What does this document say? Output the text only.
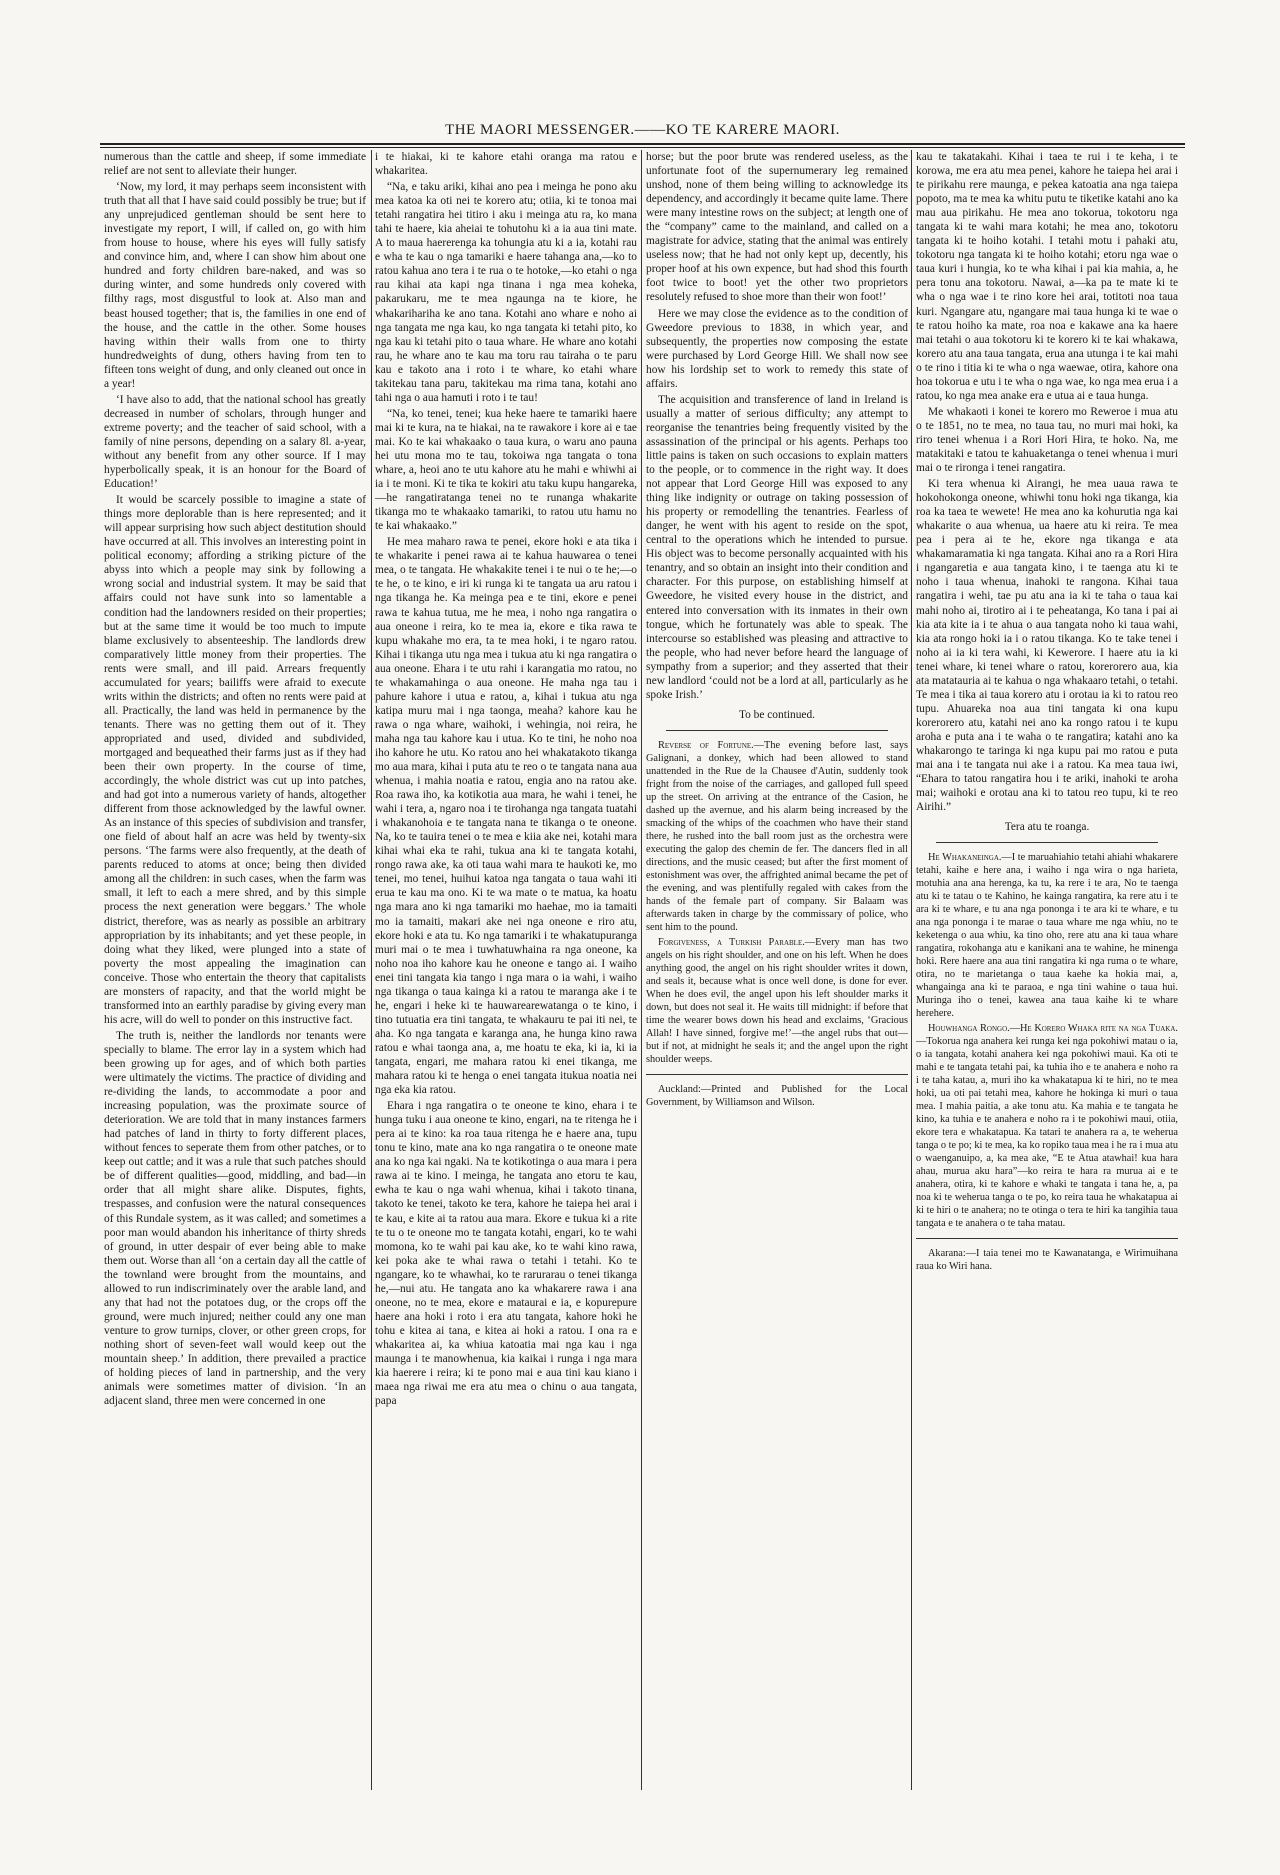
THE MAORI MESSENGER.——KO TE KARERE MAORI.

numerous than the cattle and sheep, if some immediate relief are not sent to alleviate their hunger.

‘Now, my lord, it may perhaps seem inconsistent with truth that all that I have said could possibly be true; but if any unprejudiced gentleman should be sent here to investigate my report, I will, if called on, go with him from house to house, where his eyes will fully satisfy and convince him, and, where I can show him about one hundred and forty children bare-naked, and was so during winter, and some hundreds only covered with filthy rags, most disgustful to look at. Also man and beast housed together; that is, the families in one end of the house, and the cattle in the other. Some houses having within their walls from one to thirty hundredweights of dung, others having from ten to fifteen tons weight of dung, and only cleaned out once in a year!

‘I have also to add, that the national school has greatly decreased in number of scholars, through hunger and extreme poverty; and the teacher of said school, with a family of nine persons, depending on a salary 8l. a-year, without any benefit from any other source. If I may hyperbolically speak, it is an honour for the Board of Education!’

It would be scarcely possible to imagine a state of things more deplorable than is here represented; and it will appear surprising how such abject destitution should have occurred at all. This involves an interesting point in political economy; affording a striking picture of the abyss into which a people may sink by following a wrong social and industrial system. It may be said that affairs could not have sunk into so lamentable a condition had the landowners resided on their properties; but at the same time it would be too much to impute blame exclusively to absenteeship. The landlords drew comparatively little money from their properties. The rents were small, and ill paid. Arrears frequently accumulated for years; bailiffs were afraid to execute writs within the districts; and often no rents were paid at all. Practically, the land was held in permanence by the tenants. There was no getting them out of it. They appropriated and used, divided and subdivided, mortgaged and bequeathed their farms just as if they had been their own property. In the course of time, accordingly, the whole district was cut up into patches, and had got into a numerous variety of hands, altogether different from those acknowledged by the lawful owner. As an instance of this species of subdivision and transfer, one field of about half an acre was held by twenty-six persons. ‘The farms were also frequently, at the death of parents reduced to atoms at once; being then divided among all the children: in such cases, when the farm was small, it left to each a mere shred, and by this simple process the next generation were beggars.’ The whole district, therefore, was as nearly as possible an arbitrary appropriation by its inhabitants; and yet these people, in doing what they liked, were plunged into a state of poverty the most appealing the imagination can conceive. Those who entertain the theory that capitalists are monsters of rapacity, and that the world might be transformed into an earthly paradise by giving every man his acre, will do well to ponder on this instructive fact.

The truth is, neither the landlords nor tenants were specially to blame. The error lay in a system which had been growing up for ages, and of which both parties were ultimately the victims. The practice of dividing and re-dividing the lands, to accommodate a poor and increasing population, was the proximate source of deterioration. We are told that in many instances farmers had patches of land in thirty to forty different places, without fences to seperate them from other patches, or to keep out cattle; and it was a rule that such patches should be of different qualities—good, middling, and bad—in order that all might share alike. Disputes, fights, trespasses, and confusion were the natural consequences of this Rundale system, as it was called; and sometimes a poor man would abandon his inheritance of thirty shreds of ground, in utter despair of ever being able to make them out. Worse than all ‘on a certain day all the cattle of the townland were brought from the mountains, and allowed to run indiscriminately over the arable land, and any that had not the potatoes dug, or the crops off the ground, were much injured; neither could any one man venture to grow turnips, clover, or other green crops, for nothing short of seven-feet wall would keep out the mountain sheep.’ In addition, there prevailed a practice of holding pieces of land in partnership, and the very animals were sometimes matter of division. ‘In an adjacent sland, three men were concerned in one

i te hiakai, ki te kahore etahi oranga ma ratou e whakaritea.

“Na, e taku ariki, kihai ano pea i meinga he pono aku mea katoa ka oti nei te korero atu; otiia, ki te tonoa mai tetahi rangatira hei titiro i aku i meinga atu ra, ko mana tahi te haere, kia aheiai te tohutohu ki a ia aua tini mate. A to maua haererenga ka tohungia atu ki a ia, kotahi rau e wha te kau o nga tamariki e haere tahanga ana,—ko to ratou kahua ano tera i te rua o te hotoke,—ko etahi o nga rau kihai ata kapi nga tinana i nga mea koheka, pakarukaru, me te mea ngaunga na te kiore, he whakarihariha ke ano tana. Kotahi ano whare e noho ai nga tangata me nga kau, ko nga tangata ki tetahi pito, ko nga kau ki tetahi pito o taua whare. He whare ano kotahi rau, he whare ano te kau ma toru rau tairaha o te paru kau e takoto ana i roto i te whare, ko etahi whare takitekau tana paru, takitekau ma rima tana, kotahi ano tahi nga o aua hamuti i roto i te tau!

“Na, ko tenei, tenei; kua heke haere te tamariki haere mai ki te kura, na te hiakai, na te rawakore i kore ai e tae mai. Ko te kai whakaako o taua kura, o waru ano pauna hei utu mona mo te tau, tokoiwa nga tangata o tona whare, a, heoi ano te utu kahore atu he mahi e whiwhi ai ia i te moni. Ki te tika te kokiri atu taku kupu hangareka,—he rangatiratanga tenei no te runanga whakarite tikanga mo te whakaako tamariki, to ratou utu hamu no te kai whakaako.”

He mea maharo rawa te penei, ekore hoki e ata tika i te whakarite i penei rawa ai te kahua hauwarea o tenei mea, o te tangata. He whakakite tenei i te nui o te he;—o te he, o te kino, e iri ki runga ki te tangata ua aru ratou i nga tikanga he. Ka meinga pea e te tini, ekore e penei rawa te kahua tutua, me he mea, i noho nga rangatira o aua oneone i reira, ko te mea ia, ekore e tika rawa te kupu whakahe mo era, ta te mea hoki, i te ngaro ratou. Kihai i tikanga utu nga mea i tukua atu ki nga rangatira o aua oneone. Ehara i te utu rahi i karangatia mo ratou, no te whakamahinga o aua oneone. He maha nga tau i pahure kahore i utua e ratou, a, kihai i tukua atu nga katipa muru mai i nga taonga, meaha? kahore kau he rawa o nga whare, waihoki, i wehingia, noi reira, he maha nga tau kahore kau i utua. Ko te tini, he noho noa iho kahore he utu. Ko ratou ano hei whakatakoto tikanga mo aua mara, kihai i puta atu te reo o te tangata nana aua whenua, i mahia noatia e ratou, engia ano na ratou ake. Roa rawa iho, ka kotikotia aua mara, he wahi i tenei, he wahi i tera, a, ngaro noa i te tirohanga nga tangata tuatahi i whakanohoia e te tangata nana te tikanga o te oneone. Na, ko te tauira tenei o te mea e kiia ake nei, kotahi mara kihai whai eka te rahi, tukua ana ki te tangata kotahi, rongo rawa ake, ka oti taua wahi mara te haukoti ke, mo tenei, mo tenei, huihui katoa nga tangata o taua wahi iti erua te kau ma ono. Ki te wa mate o te matua, ka hoatu nga mara ano ki nga tamariki mo haehae, mo ia tamaiti mo ia tamaiti, makari ake nei nga oneone e riro atu, ekore hoki e ata tu. Ko nga tamariki i te whakatupuranga muri mai o te mea i tuwhatuwhaina ra nga oneone, ka noho noa iho kahore kau he oneone e tango ai. I waiho enei tini tangata kia tango i nga mara o ia wahi, i waiho nga tikanga o taua kainga ki a ratou te maranga ake i te he, engari i heke ki te hauwarearewatanga o te kino, i tino tutuatia era tini tangata, te whakauru te pai iti nei, te aha. Ko nga tangata e karanga ana, he hunga kino rawa ratou e whai taonga ana, a, me hoatu te eka, ki ia, ki ia tangata, engari, me mahara ratou ki enei tikanga, me mahara ratou ki te henga o enei tangata itukua noatia nei nga eka kia ratou.

Ehara i nga rangatira o te oneone te kino, ehara i te hunga tuku i aua oneone te kino, engari, na te ritenga he i pera ai te kino: ka roa taua ritenga he e haere ana, tupu tonu te kino, mate ana ko nga rangatira o te oneone mate ana ko nga kai ngaki. Na te kotikotinga o aua mara i pera rawa ai te kino. I meinga, he tangata ano etoru te kau, ewha te kau o nga wahi whenua, kihai i takoto tinana, takoto ke tenei, takoto ke tera, kahore he taiepa hei arai i te kau, e kite ai ta ratou aua mara. Ekore e tukua ki a rite te tu o te oneone mo te tangata kotahi, engari, ko te wahi momona, ko te wahi pai kau ake, ko te wahi kino rawa, kei poka ake te whai rawa o tetahi i tetahi. Ko te ngangare, ko te whawhai, ko te rarurarau o tenei tikanga he,—nui atu. He tangata ano ka whakarere rawa i ana oneone, no te mea, ekore e mataurai e ia, e kopurepure haere ana hoki i roto i era atu tangata, kahore hoki he tohu e kitea ai tana, e kitea ai hoki a ratou. I ona ra e whakaritea ai, ka whiua katoatia mai nga kau i nga maunga i te manowhenua, kia kaikai i runga i nga mara kia haerere i reira; ki te pono mai e aua tini kau kiano i maea nga riwai me era atu mea o chinu o aua tangata, papa

horse; but the poor brute was rendered useless, as the unfortunate foot of the supernumerary leg remained unshod, none of them being willing to acknowledge its dependency, and accordingly it became quite lame. There were many intestine rows on the subject; at length one of the “company” came to the mainland, and called on a magistrate for advice, stating that the animal was entirely useless now; that he had not only kept up, decently, his proper hoof at his own expence, but had shod this fourth foot twice to boot! yet the other two proprietors resolutely refused to shoe more than their won foot!’

Here we may close the evidence as to the condition of Gweedore previous to 1838, in which year, and subsequently, the properties now composing the estate were purchased by Lord George Hill. We shall now see how his lordship set to work to remedy this state of affairs.

The acquisition and transference of land in Ireland is usually a matter of serious difficulty; any attempt to reorganise the tenantries being frequently visited by the assassination of the principal or his agents. Perhaps too little pains is taken on such occasions to explain matters to the people, or to commence in the right way. It does not appear that Lord George Hill was exposed to any thing like indignity or outrage on taking possession of his property or remodelling the tenantries. Fearless of danger, he went with his agent to reside on the spot, central to the operations which he intended to pursue. His object was to become personally acquainted with his tenantry, and so obtain an insight into their condition and character. For this purpose, on establishing himself at Gweedore, he visited every house in the district, and entered into conversation with its inmates in their own tongue, which he fortunately was able to speak. The intercourse so established was pleasing and attractive to the people, who had never before heard the language of sympathy from a superior; and they asserted that their new landlord ‘could not be a lord at all, particularly as he spoke Irish.’

To be continued.

Reverse of Fortune.—The evening before last, says Galignani, a donkey, which had been allowed to stand unattended in the Rue de la Chausee d'Autin, suddenly took fright from the noise of the carriages, and galloped full speed up the street. On arriving at the entrance of the Casion, he dashed up the avernue, and his alarm being increased by the smacking of the whips of the coachmen who have their stand there, he rushed into the ball room just as the orchestra were executing the galop des chemin de fer. The dancers fled in all directions, and the music ceased; but after the first moment of estonishment was over, the affrighted animal became the pet of the evening, and was plentifully regaled with cakes from the hands of the female part of company. Sir Balaam was afterwards taken in charge by the commissary of police, who sent him to the pound.

Forgiveness, a Turkish Parable.—Every man has two angels on his right shoulder, and one on his left. When he does anything good, the angel on his right shoulder writes it down, and seals it, because what is once well done, is done for ever. When he does evil, the angel upon his left shoulder marks it down, but does not seal it. He waits till midnight: if before that time the wearer bows down his head and exclaims, ‘Gracious Allah! I have sinned, forgive me!’—the angel rubs that out—but if not, at midnight he seals it; and the angel upon the right shoulder weeps.

Auckland:—Printed and Published for the Local Government, by Williamson and Wilson.

kau te takatakahi. Kihai i taea te rui i te keha, i te korowa, me era atu mea penei, kahore he taiepa hei arai i te pirikahu rere maunga, e pekea katoatia ana nga taiepa popoto, ma te mea ka whitu putu te tiketike katahi ano ka mau aua pirikahu. He mea ano tokorua, tokotoru nga tangata ki te wahi mara kotahi; he mea ano, tokotoru tangata ki te hoiho kotahi. I tetahi motu i pahaki atu, tokotoru nga tangata ki te hoiho kotahi; etoru nga wae o taua kuri i hungia, ko te wha kihai i pai kia mahia, a, he pera tonu ana tokotoru. Nawai, a—ka pa te mate ki te wha o nga wae i te rino kore hei arai, totitoti noa taua kuri. Ngangare atu, ngangare mai taua hunga ki te wae o te ratou hoiho ka mate, roa noa e kakawe ana ka haere mai tetahi o aua tokotoru ki te korero ki te kai whakawa, korero atu ana taua tangata, erua ana utunga i te kai mahi o te rino i titia ki te wha o nga waewae, otira, kahore ona hoa tokorua e utu i te wha o nga wae, ko nga mea erua i a ratou, ko nga mea anake era e utua ai e taua hunga.

Me whakaoti i konei te korero mo Reweroe i mua atu o te 1851, no te mea, no taua tau, no muri mai hoki, ka riro tenei whenua i a Rori Hori Hira, te hoko. Na, me matakitaki e tatou te kahuaketanga o tenei whenua i muri mai o te rironga i tenei rangatira.

Ki tera whenua ki Airangi, he mea uaua rawa te hokohokonga oneone, whiwhi tonu hoki nga tikanga, kia roa ka taea te wewete! He mea ano ka kohurutia nga kai whakarite o aua whenua, ua haere atu ki reira. Te mea pea i pera ai te he, ekore nga tikanga e ata whakamaramatia ki nga tangata. Kihai ano ra a Rori Hira i ngangaretia e aua tangata kino, i te taenga atu ki te noho i taua whenua, inahoki te rangona. Kihai taua rangatira i wehi, tae pu atu ana ia ki te taha o taua kai mahi noho ai, tirotiro ai i te peheatanga, Ko tana i pai ai kia ata kite ia i te ahua o aua tangata noho ki taua wahi, kia ata rongo hoki ia i o ratou tikanga. Ko te take tenei i noho ai ia ki tera wahi, ki Kewerore. I haere atu ia ki tenei whare, ki tenei whare o ratou, korerorero aua, kia ata matatauria ai te kahua o nga whakaaro tetahi, o tetahi. Te mea i tika ai taua korero atu i orotau ia ki to ratou reo tupu. Ahuareka noa aua tini tangata ki ona kupu korerorero atu, katahi nei ano ka rongo ratou i te kupu aroha e puta ana i te waha o te rangatira; katahi ano ka whakarongo te taringa ki nga kupu pai mo ratou e puta mai ana i te tangata nui ake i a ratou. Ka mea taua iwi, “Ehara to tatou rangatira hou i te ariki, inahoki te aroha mai; waihoki e orotau ana ki to tatou reo tupu, ki te reo Airihi.”

Tera atu te roanga.

He Whakaneinga.—I te maruahiahio tetahi ahiahi whakarere tetahi, kaihe e here ana, i waiho i nga wira o nga harieta, motuhia ana ana herenga, ka tu, ka rere i te ara, No te taenga atu ki te tatau o te Kahino, he kainga rangatira, ka rere atu i te ara ki te whare, e tu ana nga pononga i te ara ki te whare, e tu ana nga pononga i te marae o taua whare me nga whiu, no te keketenga o aua whiu, ka tino oho, rere atu ana ki taua whare rangatira, rokohanga atu e kanikani ana te wahine, he minenga hoki. Rere haere ana aua tini rangatira ki nga ruma o te whare, otira, no te marietanga o taua kaehe ka hokia mai, a, whangainga ana ki te paraoa, e nga tini wahine o taua hui. Muringa iho o tenei, kawea ana taua kaihe ki te whare herehere.

Houwhanga Rongo.—He Korero Whaka rite na nga Tuaka.—Tokorua nga anahera kei runga kei nga pokohiwi matau o ia, o ia tangata, kotahi anahera kei nga pokohiwi maui. Ka oti te mahi e te tangata tetahi pai, ka tuhia iho e te anahera e noho ra i te taha katau, a, muri iho ka whakatapua ki te hiri, no te mea hoki, ua oti pai tetahi mea, kahore he hokinga ki muri o taua mea. I mahia paitia, a ake tonu atu. Ka mahia e te tangata he kino, ka tuhia e te anahera e noho ra i te pokohiwi maui, otiia, ekore tera e whakatapua. Ka tatari te anahera ra a, te weherua tanga o te po; ki te mea, ka ko ropiko taua mea i he ra i mua atu o waenganuipo, a, ka mea ake, “E te Atua atawhai! kua hara ahau, murua aku hara”—ko reira te hara ra murua ai e te anahera, otira, ki te kahore e whaki te tangata i tana he, a, pa noa ki te weherua tanga o te po, ko reira taua he whakatapua ai ki te hiri o te anahera; no te otinga o tera te hiri ka tangihia taua tangata e te anahera o te taha matau.

Akarana:—I taia tenei mo te Kawanatanga, e Wirimuihana raua ko Wiri hana.
